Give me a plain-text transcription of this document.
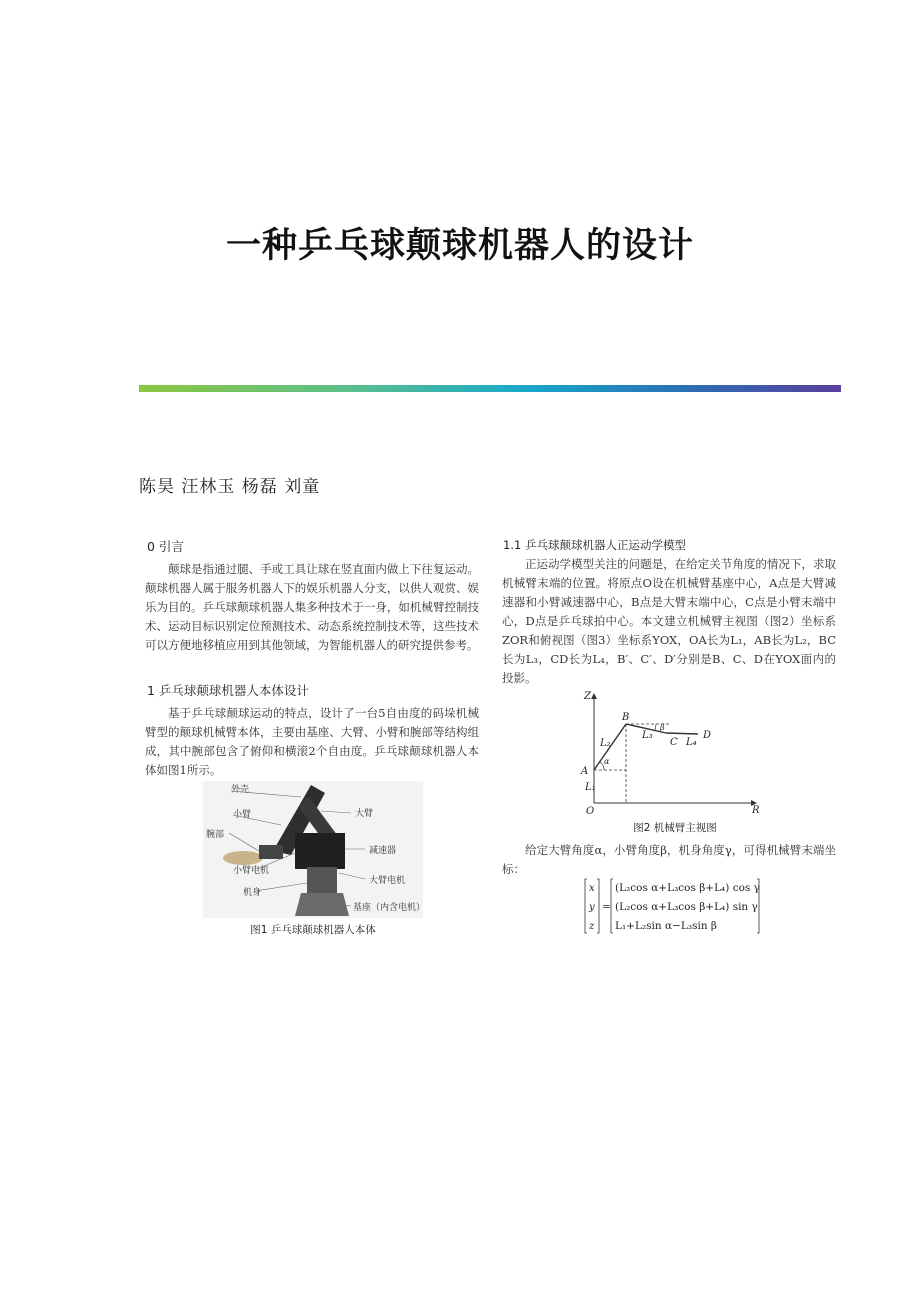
一种乒乓球颠球机器人的设计
陈昊 汪林玉 杨磊 刘童
0 引言

颠球是指通过腿、手或工具让球在竖直面内做上下往复运动。颠球机器人属于服务机器人下的娱乐机器人分支，以供人观赏、娱乐为目的。乒乓球颠球机器人集多种技术于一身，如机械臂控制技术、运动目标识别定位预测技术、动态系统控制技术等，这些技术可以方便地移植应用到其他领域，为智能机器人的研究提供参考。

1 乒乓球颠球机器人本体设计

基于乒乓球颠球运动的特点，设计了一台5自由度的码垛机械臂型的颠球机械臂本体，主要由基座、大臂、小臂和腕部等结构组成，其中腕部包含了俯仰和横滚2个自由度。乒乓球颠球机器人本体如图1所示。

外壳
小臂	大臂
腕部
减速器
小臂电机
大臂电机
机身
基座（内含电机）
图1 乒乓球颠球机器人本体
1.1 乒乓球颠球机器人正运动学模型

正运动学模型关注的问题是，在给定关节角度的情况下，求取机械臂末端的位置。将原点O设在机械臂基座中心，A点是大臂减速器和小臂减速器中心，B点是大臂末端中心，C点是小臂末端中心，D点是乒乓球拍中心。本文建立机械臂主视图（图2）坐标系ZOR和俯视图（图3）坐标系YOX，OA长为L₁，AB长为L₂，BC长为L₃，CD长为L₄，B′、C′、D′分别是B、C、D在YOX面内的投影。

Z
R
O
A
B
C
D
L₁
L₂
L₃
L₄
α
β
图2 机械臂主视图

给定大臂角度α，小臂角度β，机身角度γ，可得机械臂末端坐标：

x
y
z
=
(L₂cos α+L₃cos β+L₄) cos γ
(L₂cos α+L₃cos β+L₄) sin γ
L₁+L₂sin α−L₃sin β
